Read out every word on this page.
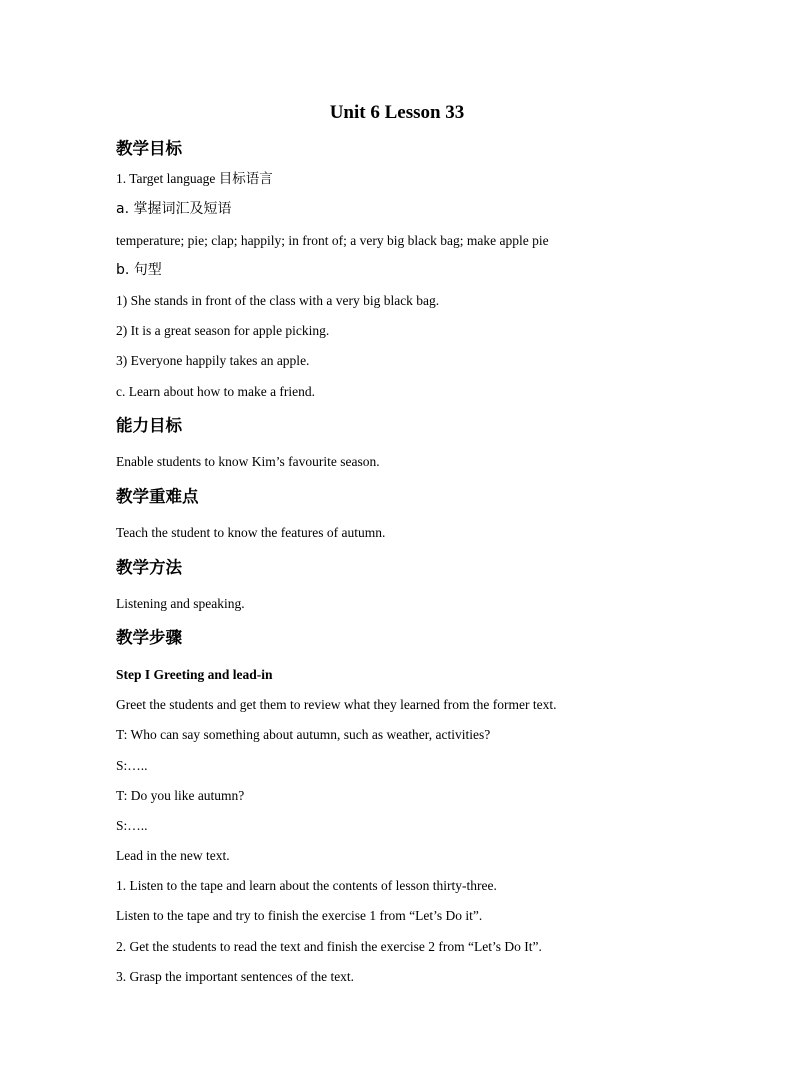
Unit 6 Lesson 33
教学目标
1. Target language 目标语言
a. 掌握词汇及短语
temperature; pie; clap; happily; in front of; a very big black bag; make apple pie
b. 句型
1) She stands in front of the class with a very big black bag.
2) It is a great season for apple picking.
3) Everyone happily takes an apple.
c. Learn about how to make a friend.
能力目标
Enable students to know Kim’s favourite season.
教学重难点
Teach the student to know the features of autumn.
教学方法
Listening and speaking.
教学步骤
Step I Greeting and lead-in
Greet the students and get them to review what they learned from the former text.
T: Who can say something about autumn, such as weather, activities?
S:…..
T: Do you like autumn?
S:…..
Lead in the new text.
1. Listen to the tape and learn about the contents of lesson thirty-three.
Listen to the tape and try to finish the exercise 1 from “Let’s Do it”.
2. Get the students to read the text and finish the exercise 2 from “Let’s Do It”.
3. Grasp the important sentences of the text.
